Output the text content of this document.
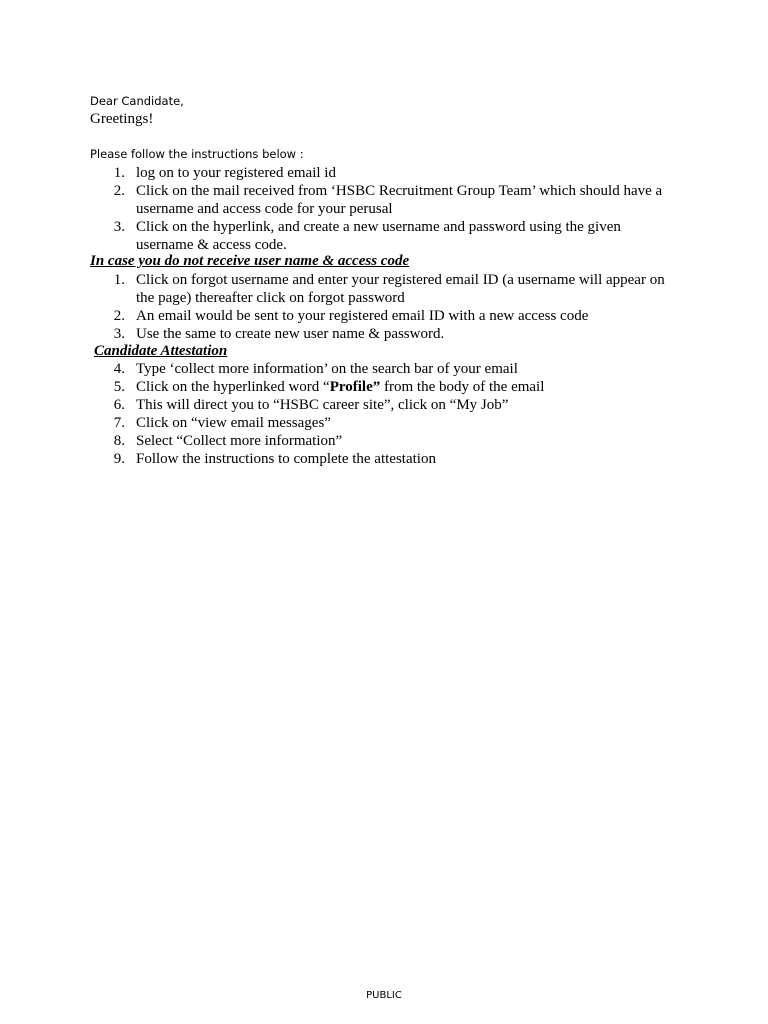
Dear Candidate,
Greetings!
Please follow the instructions below :
1. log on to your registered email id
2. Click on the mail received from ‘HSBC Recruitment Group Team’ which should have a
username and access code for your perusal
3. Click on the hyperlink, and create a new username and password using the given
username & access code.
In case you do not receive user name & access code
1. Click on forgot username and enter your registered email ID (a username will appear on
the page) thereafter click on forgot password
2. An email would be sent to your registered email ID with a new access code
3. Use the same to create new user name & password.
Candidate Attestation
4. Type ‘collect more information’ on the search bar of your email
5. Click on the hyperlinked word “Profile” from the body of the email
6. This will direct you to “HSBC career site”, click on “My Job”
7. Click on “view email messages”
8. Select “Collect more information”
9. Follow the instructions to complete the attestation
PUBLIC
